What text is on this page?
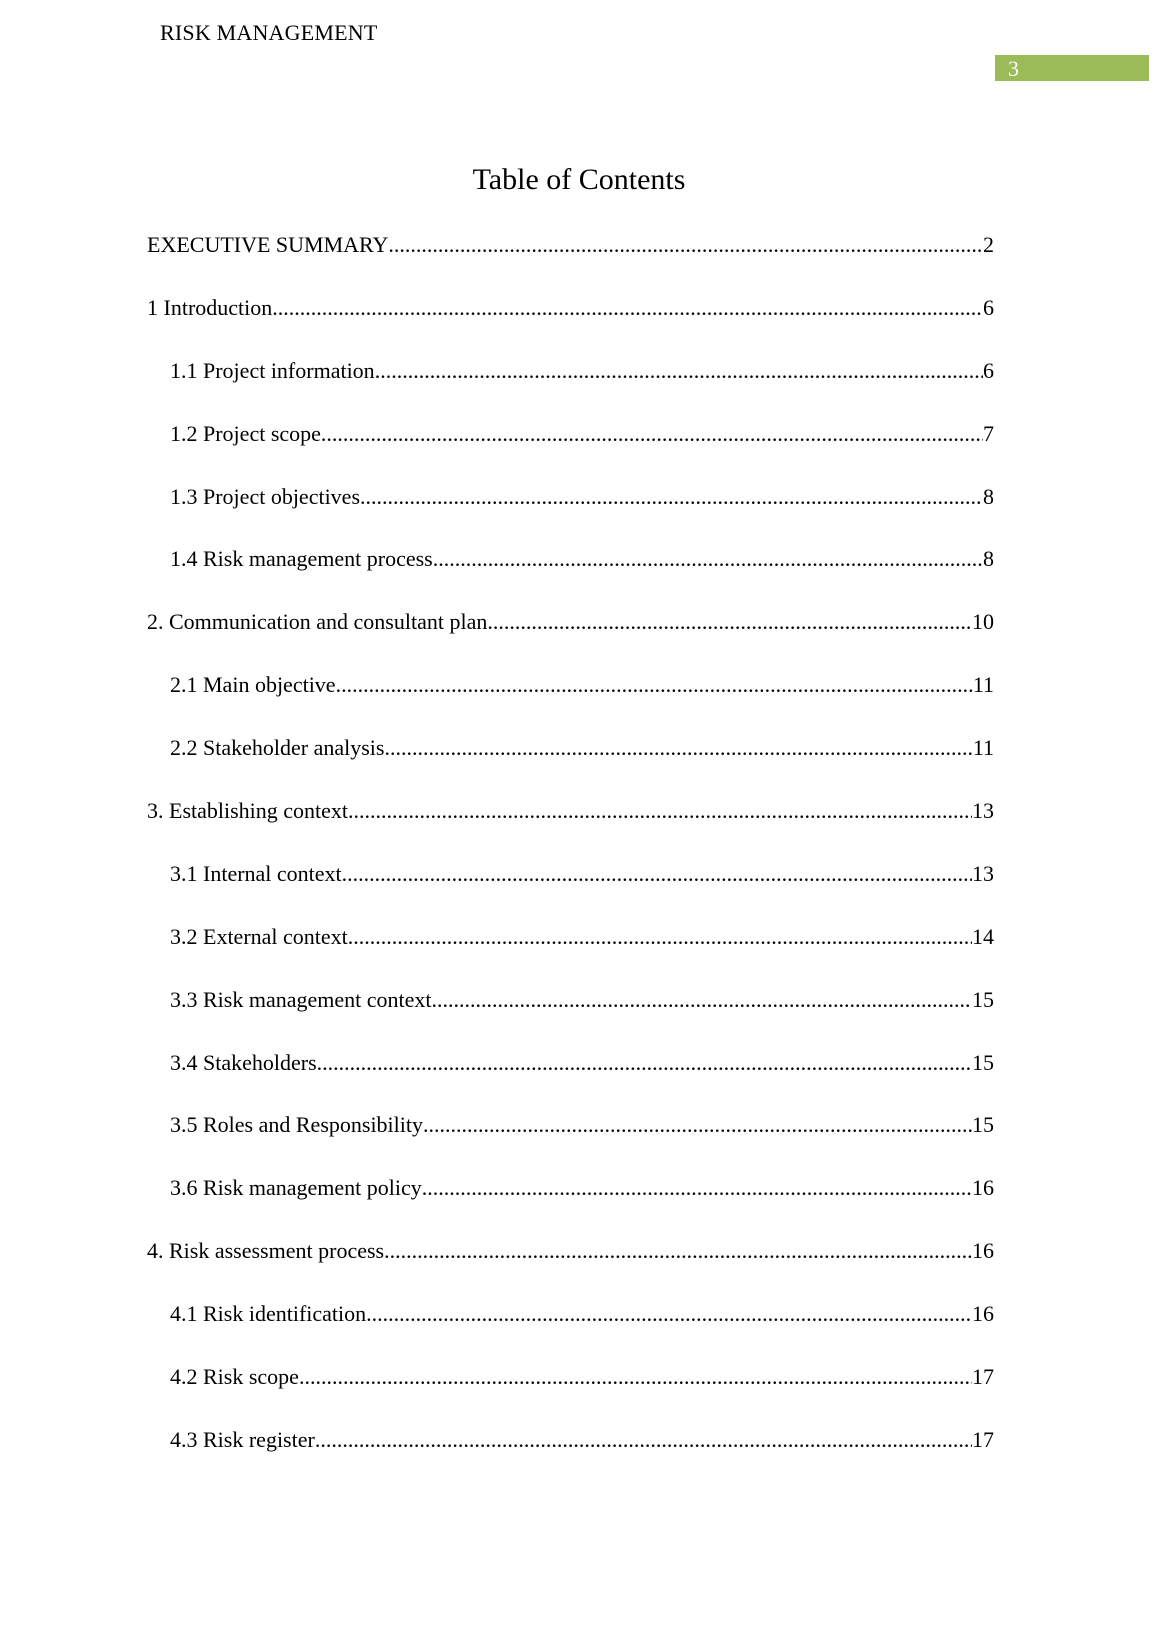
RISK MANAGEMENT
3
Table of Contents
EXECUTIVE SUMMARY .....	2
1 Introduction .....	6
1.1 Project information .....	6
1.2 Project scope .....	7
1.3 Project objectives .....	8
1.4 Risk management process .....	8
2. Communication and consultant plan .....	10
2.1 Main objective .....	11
2.2 Stakeholder analysis .....	11
3. Establishing context .....	13
3.1 Internal context .....	13
3.2 External context .....	14
3.3 Risk management context .....	15
3.4 Stakeholders .....	15
3.5 Roles and Responsibility .....	15
3.6 Risk management policy .....	16
4. Risk assessment process .....	16
4.1 Risk identification .....	16
4.2 Risk scope .....	17
4.3 Risk register .....	17
